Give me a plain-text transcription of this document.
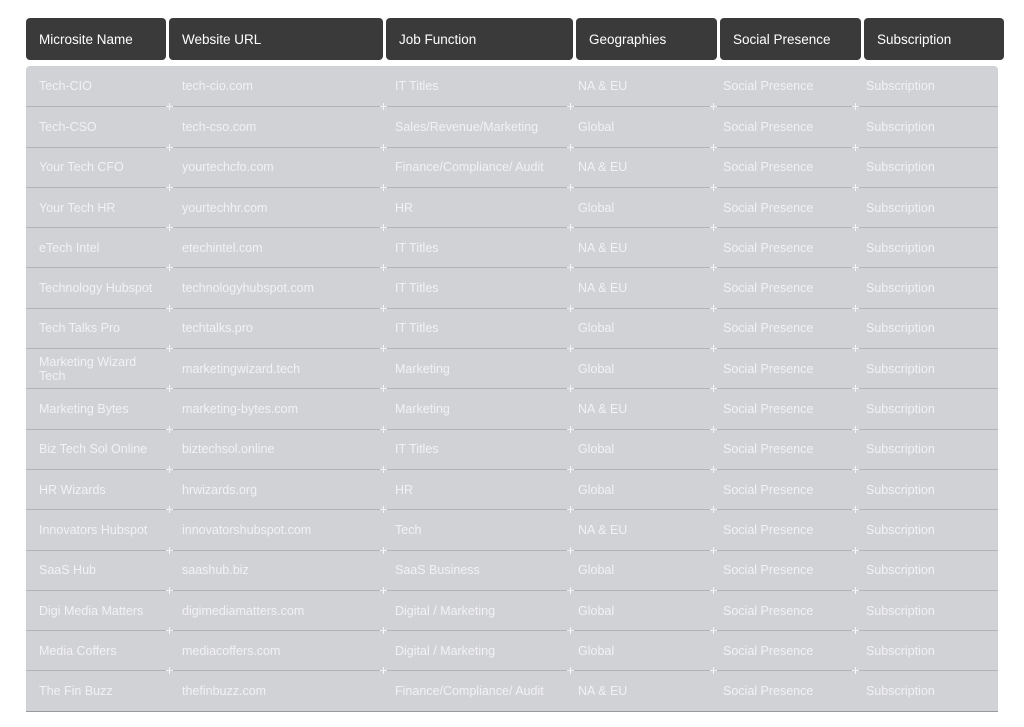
Microsite Name	Website URL	Job Function	Geographies	Social Presence	Subscription
Tech-CIO	tech-cio.com	IT Titles	NA & EU	Social Presence	Subscription
Tech-CSO	tech-cso.com	Sales/Revenue/Marketing	Global	Social Presence	Subscription
Your Tech CFO	yourtechcfo.com	Finance/Compliance/ Audit	NA & EU	Social Presence	Subscription
Your Tech HR	yourtechhr.com	HR	Global	Social Presence	Subscription
eTech Intel	etechintel.com	IT Titles	NA & EU	Social Presence	Subscription
Technology Hubspot	technologyhubspot.com	IT Titles	NA & EU	Social Presence	Subscription
Tech Talks Pro	techtalks.pro	IT Titles	Global	Social Presence	Subscription
Marketing Wizard Tech	marketingwizard.tech	Marketing	Global	Social Presence	Subscription
Marketing Bytes	marketing-bytes.com	Marketing	NA & EU	Social Presence	Subscription
Biz Tech Sol Online	biztechsol.online	IT Titles	Global	Social Presence	Subscription
HR Wizards	hrwizards.org	HR	Global	Social Presence	Subscription
Innovators Hubspot	innovatorshubspot.com	Tech	NA & EU	Social Presence	Subscription
SaaS Hub	saashub.biz	SaaS Business	Global	Social Presence	Subscription
Digi Media Matters	digimediamatters.com	Digital / Marketing	Global	Social Presence	Subscription
Media Coffers	mediacoffers.com	Digital / Marketing	Global	Social Presence	Subscription
The Fin Buzz	thefinbuzz.com	Finance/Compliance/ Audit	NA & EU	Social Presence	Subscription
